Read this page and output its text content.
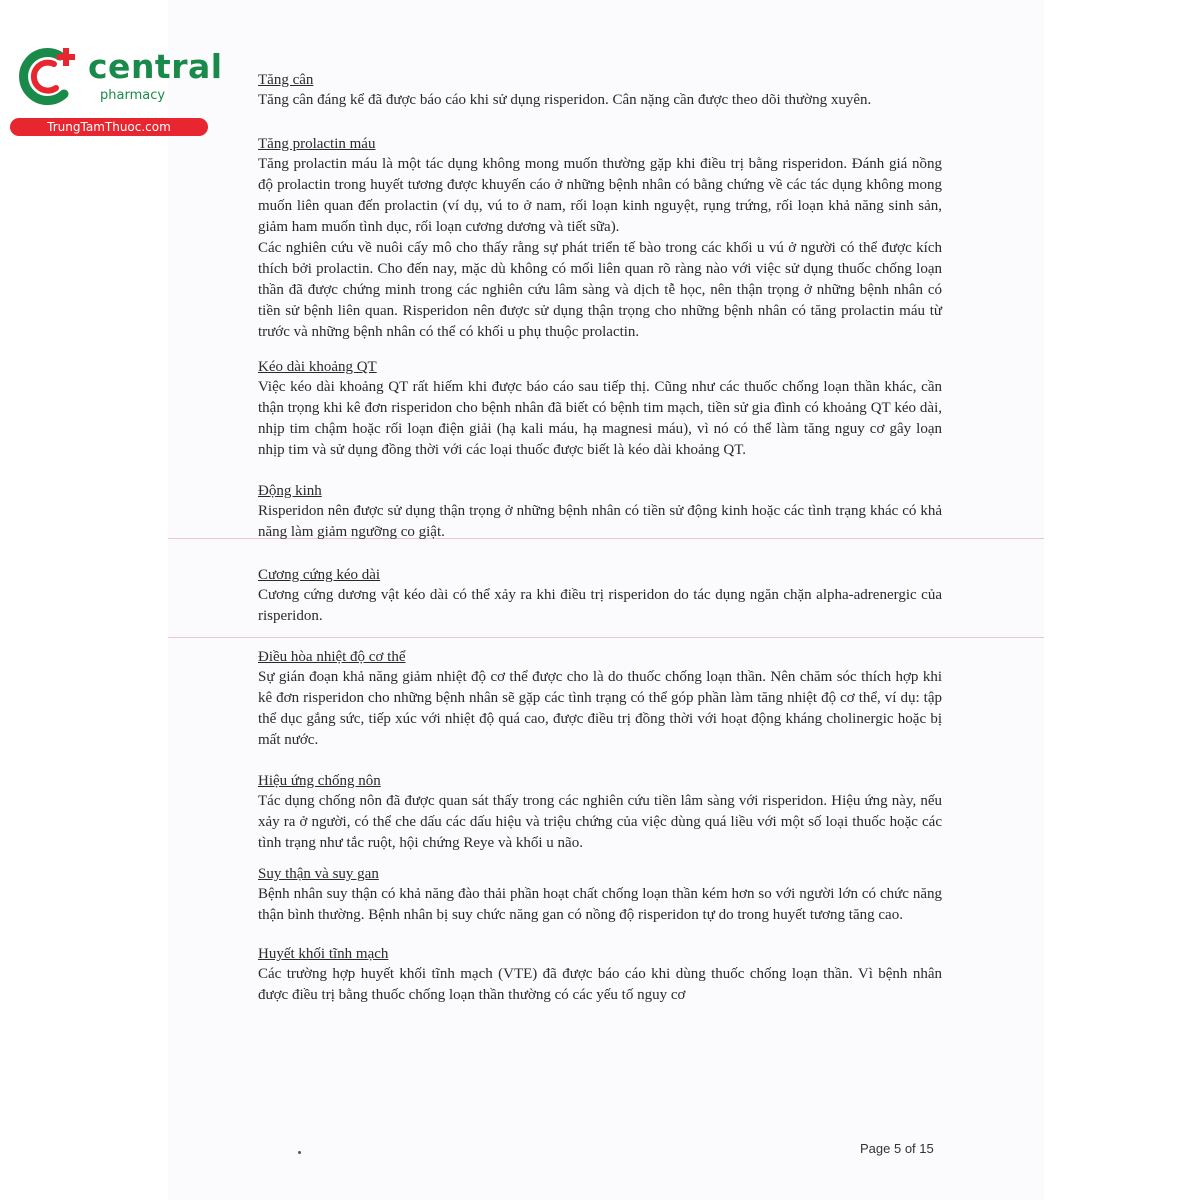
central
pharmacy
TrungTamThuoc.com

Tăng cân

Tăng cân đáng kể đã được báo cáo khi sử dụng risperidon. Cân nặng cần được theo dõi thường xuyên.

Tăng prolactin máu

Tăng prolactin máu là một tác dụng không mong muốn thường gặp khi điều trị bằng risperidon. Đánh giá nồng độ prolactin trong huyết tương được khuyến cáo ở những bệnh nhân có bằng chứng về các tác dụng không mong muốn liên quan đến prolactin (ví dụ, vú to ở nam, rối loạn kinh nguyệt, rụng trứng, rối loạn khả năng sinh sản, giảm ham muốn tình dục, rối loạn cương dương và tiết sữa).

Các nghiên cứu về nuôi cấy mô cho thấy rằng sự phát triển tế bào trong các khối u vú ở người có thể được kích thích bởi prolactin. Cho đến nay, mặc dù không có mối liên quan rõ ràng nào với việc sử dụng thuốc chống loạn thần đã được chứng minh trong các nghiên cứu lâm sàng và dịch tễ học, nên thận trọng ở những bệnh nhân có tiền sử bệnh liên quan. Risperidon nên được sử dụng thận trọng cho những bệnh nhân có tăng prolactin máu từ trước và những bệnh nhân có thể có khối u phụ thuộc prolactin.

Kéo dài khoảng QT

Việc kéo dài khoảng QT rất hiếm khi được báo cáo sau tiếp thị. Cũng như các thuốc chống loạn thần khác, cần thận trọng khi kê đơn risperidon cho bệnh nhân đã biết có bệnh tim mạch, tiền sử gia đình có khoảng QT kéo dài, nhịp tim chậm hoặc rối loạn điện giải (hạ kali máu, hạ magnesi máu), vì nó có thể làm tăng nguy cơ gây loạn nhịp tim và sử dụng đồng thời với các loại thuốc được biết là kéo dài khoảng QT.

Động kinh

Risperidon nên được sử dụng thận trọng ở những bệnh nhân có tiền sử động kinh hoặc các tình trạng khác có khả năng làm giảm ngưỡng co giật.

Cương cứng kéo dài

Cương cứng dương vật kéo dài có thể xảy ra khi điều trị risperidon do tác dụng ngăn chặn alpha-adrenergic của risperidon.

Điều hòa nhiệt độ cơ thể

Sự gián đoạn khả năng giảm nhiệt độ cơ thể được cho là do thuốc chống loạn thần. Nên chăm sóc thích hợp khi kê đơn risperidon cho những bệnh nhân sẽ gặp các tình trạng có thể góp phần làm tăng nhiệt độ cơ thể, ví dụ: tập thể dục gắng sức, tiếp xúc với nhiệt độ quá cao, được điều trị đồng thời với hoạt động kháng cholinergic hoặc bị mất nước.

Hiệu ứng chống nôn

Tác dụng chống nôn đã được quan sát thấy trong các nghiên cứu tiền lâm sàng với risperidon. Hiệu ứng này, nếu xảy ra ở người, có thể che dấu các dấu hiệu và triệu chứng của việc dùng quá liều với một số loại thuốc hoặc các tình trạng như tắc ruột, hội chứng Reye và khối u não.

Suy thận và suy gan

Bệnh nhân suy thận có khả năng đào thải phần hoạt chất chống loạn thần kém hơn so với người lớn có chức năng thận bình thường. Bệnh nhân bị suy chức năng gan có nồng độ risperidon tự do trong huyết tương tăng cao.

Huyết khối tĩnh mạch

Các trường hợp huyết khối tĩnh mạch (VTE) đã được báo cáo khi dùng thuốc chống loạn thần. Vì bệnh nhân được điều trị bằng thuốc chống loạn thần thường có các yếu tố nguy cơ

Page 5 of 15
